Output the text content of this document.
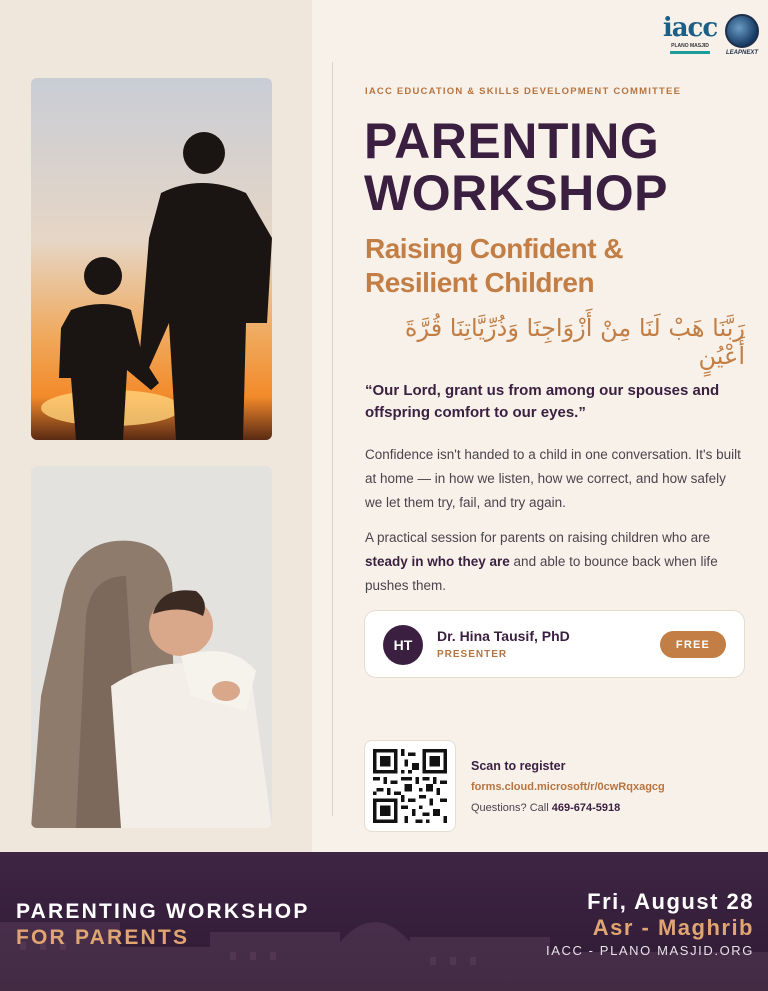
iacc
PLANO MASJID
LEAPNEXT
IACC EDUCATION & SKILLS DEVELOPMENT COMMITTEE
PARENTING
WORKSHOP
Raising Confident &
Resilient Children
رَبَّنَا هَبْ لَنَا مِنْ أَزْوَاجِنَا وَذُرِّيَّاتِنَا قُرَّةَ أَعْيُنٍ
“Our Lord, grant us from among our spouses and offspring comfort to our eyes.”

Confidence isn't handed to a child in one conversation. It's built at home — in how we listen, how we correct, and how safely we let them try, fail, and try again.

A practical session for parents on raising children who are steady in who they are and able to bounce back when life pushes them.

HT
Dr. Hina Tausif, PhD
PRESENTER
FREE
Scan to register
forms.cloud.microsoft/r/0cwRqxagcg
Questions? Call 469-674-5918
PARENTING WORKSHOP
FOR PARENTS
Fri, August 28
Asr - Maghrib
IACC - PLANO MASJID.ORG
